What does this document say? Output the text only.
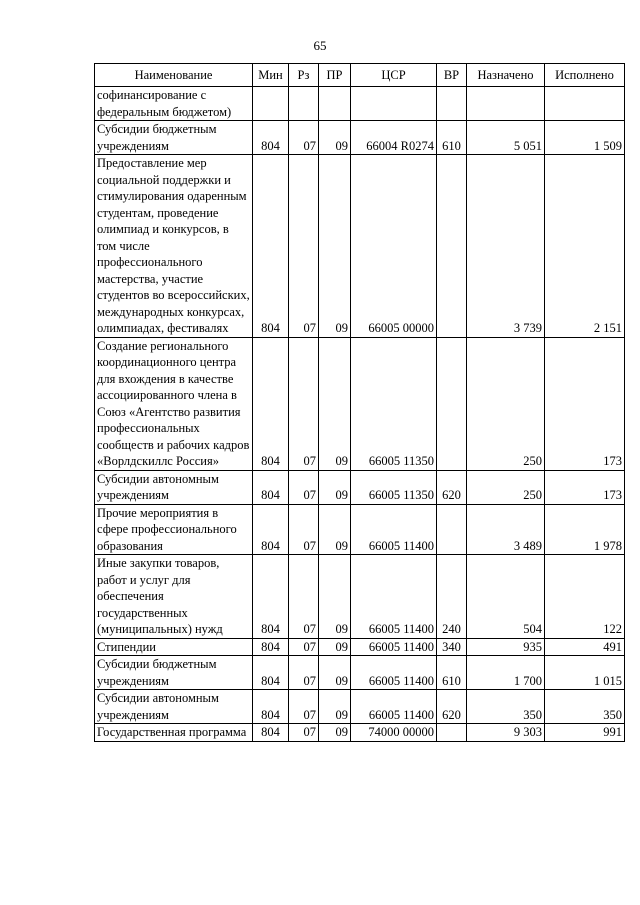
65
Наименование	Мин	Рз	ПР	ЦСР	ВР	Назначено	Исполнено
софинансирование с федеральным бюджетом)							
Субсидии бюджетным учреждениям	804	07	09	66004 R0274	610	5 051	1 509
Предоставление мер социальной поддержки и стимулирования одаренным студентам, проведение олимпиад и конкурсов, в том числе профессионального мастерства, участие студентов во всероссийских, международных конкурсах, олимпиадах, фестивалях	804	07	09	66005 00000		3 739	2 151
Создание регионального координационного центра для вхождения в качестве ассоциированного члена в Союз «Агентство развития профессиональных сообществ и рабочих кадров «Ворлдскиллс Россия»	804	07	09	66005 11350		250	173
Субсидии автономным учреждениям	804	07	09	66005 11350	620	250	173
Прочие мероприятия в сфере профессионального образования	804	07	09	66005 11400		3 489	1 978
Иные закупки товаров, работ и услуг для обеспечения государственных (муниципальных) нужд	804	07	09	66005 11400	240	504	122
Стипендии	804	07	09	66005 11400	340	935	491
Субсидии бюджетным учреждениям	804	07	09	66005 11400	610	1 700	1 015
Субсидии автономным учреждениям	804	07	09	66005 11400	620	350	350
Государственная программа	804	07	09	74000 00000		9 303	991
